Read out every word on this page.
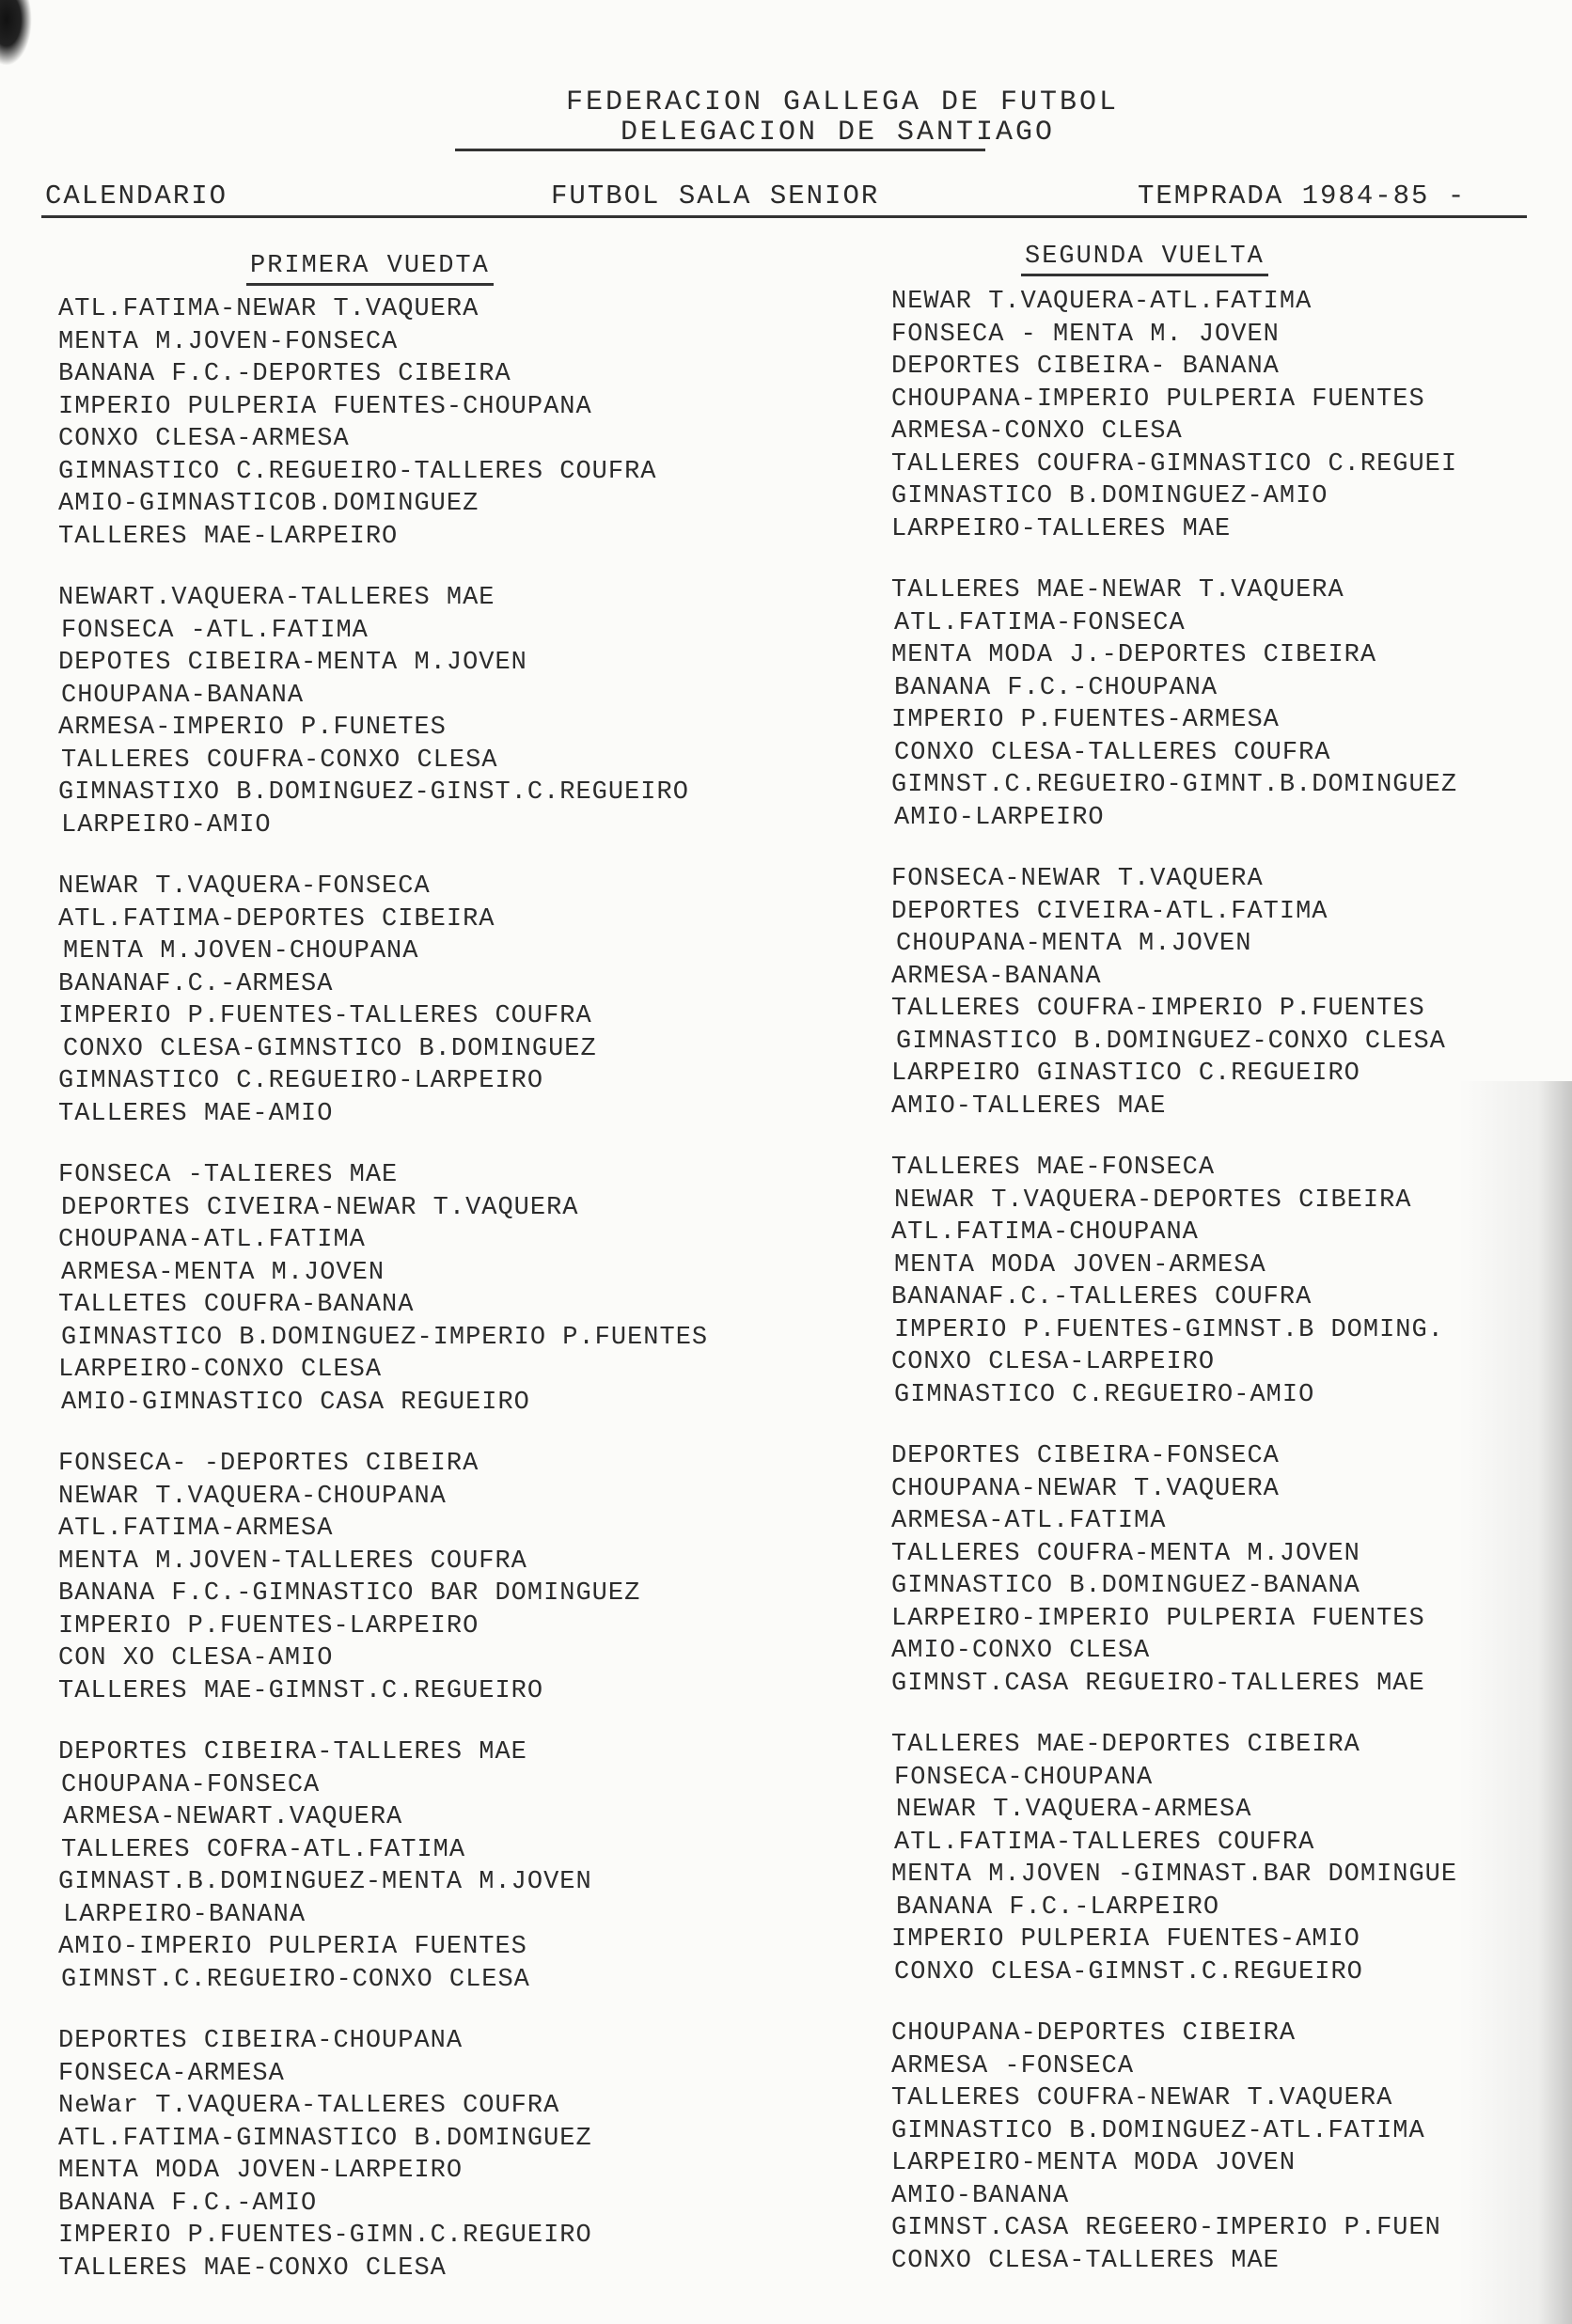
FEDERACION GALLEGA DE FUTBOL
DELEGACION DE SANTIAGO
CALENDARIO	FUTBOL SALA SENIOR	TEMPRADA 1984-85 -
PRIMERA VUEDTA	SEGUNDA VUELTA
ATL.FATIMA-NEWAR T.VAQUERA
MENTA M.JOVEN-FONSECA
BANANA F.C.-DEPORTES CIBEIRA
IMPERIO PULPERIA FUENTES-CHOUPANA
CONXO CLESA-ARMESA
GIMNASTICO C.REGUEIRO-TALLERES COUFRA
AMIO-GIMNASTICOB.DOMINGUEZ
TALLERES MAE-LARPEIRO
NEWART.VAQUERA-TALLERES MAE
FONSECA -ATL.FATIMA
DEPOTES CIBEIRA-MENTA M.JOVEN
CHOUPANA-BANANA
ARMESA-IMPERIO P.FUNETES
TALLERES COUFRA-CONXO CLESA
GIMNASTIXO B.DOMINGUEZ-GINST.C.REGUEIRO
LARPEIRO-AMIO
NEWAR T.VAQUERA-FONSECA
ATL.FATIMA-DEPORTES CIBEIRA
MENTA M.JOVEN-CHOUPANA
BANANAF.C.-ARMESA
IMPERIO P.FUENTES-TALLERES COUFRA
CONXO CLESA-GIMNSTICO B.DOMINGUEZ
GIMNASTICO C.REGUEIRO-LARPEIRO
TALLERES MAE-AMIO
FONSECA -TALIERES MAE
DEPORTES CIVEIRA-NEWAR T.VAQUERA
CHOUPANA-ATL.FATIMA
ARMESA-MENTA M.JOVEN
TALLETES COUFRA-BANANA
GIMNASTICO B.DOMINGUEZ-IMPERIO P.FUENTES
LARPEIRO-CONXO CLESA
AMIO-GIMNASTICO CASA REGUEIRO
FONSECA- -DEPORTES CIBEIRA
NEWAR T.VAQUERA-CHOUPANA
ATL.FATIMA-ARMESA
MENTA M.JOVEN-TALLERES COUFRA
BANANA F.C.-GIMNASTICO BAR DOMINGUEZ
IMPERIO P.FUENTES-LARPEIRO
CON XO CLESA-AMIO
TALLERES MAE-GIMNST.C.REGUEIRO
DEPORTES CIBEIRA-TALLERES MAE
CHOUPANA-FONSECA
ARMESA-NEWART.VAQUERA
TALLERES COFRA-ATL.FATIMA
GIMNAST.B.DOMINGUEZ-MENTA M.JOVEN
LARPEIRO-BANANA
AMIO-IMPERIO PULPERIA FUENTES
GIMNST.C.REGUEIRO-CONXO CLESA
DEPORTES CIBEIRA-CHOUPANA
FONSECA-ARMESA
NeWar T.VAQUERA-TALLERES COUFRA
ATL.FATIMA-GIMNASTICO B.DOMINGUEZ
MENTA MODA JOVEN-LARPEIRO
BANANA F.C.-AMIO
IMPERIO P.FUENTES-GIMN.C.REGUEIRO
TALLERES MAE-CONXO CLESA
NEWAR T.VAQUERA-ATL.FATIMA
FONSECA - MENTA M. JOVEN
DEPORTES CIBEIRA- BANANA
CHOUPANA-IMPERIO PULPERIA FUENTES
ARMESA-CONXO CLESA
TALLERES COUFRA-GIMNASTICO C.REGUEI
GIMNASTICO B.DOMINGUEZ-AMIO
LARPEIRO-TALLERES MAE
TALLERES MAE-NEWAR T.VAQUERA
ATL.FATIMA-FONSECA
MENTA MODA J.-DEPORTES CIBEIRA
BANANA F.C.-CHOUPANA
IMPERIO P.FUENTES-ARMESA
CONXO CLESA-TALLERES COUFRA
GIMNST.C.REGUEIRO-GIMNT.B.DOMINGUEZ
AMIO-LARPEIRO
FONSECA-NEWAR T.VAQUERA
DEPORTES CIVEIRA-ATL.FATIMA
CHOUPANA-MENTA M.JOVEN
ARMESA-BANANA
TALLERES COUFRA-IMPERIO P.FUENTES
GIMNASTICO B.DOMINGUEZ-CONXO CLESA
LARPEIRO GINASTICO C.REGUEIRO
AMIO-TALLERES MAE
TALLERES MAE-FONSECA
NEWAR T.VAQUERA-DEPORTES CIBEIRA
ATL.FATIMA-CHOUPANA
MENTA MODA JOVEN-ARMESA
BANANAF.C.-TALLERES COUFRA
IMPERIO P.FUENTES-GIMNST.B DOMING.
CONXO CLESA-LARPEIRO
GIMNASTICO C.REGUEIRO-AMIO
DEPORTES CIBEIRA-FONSECA
CHOUPANA-NEWAR T.VAQUERA
ARMESA-ATL.FATIMA
TALLERES COUFRA-MENTA M.JOVEN
GIMNASTICO B.DOMINGUEZ-BANANA
LARPEIRO-IMPERIO PULPERIA FUENTES
AMIO-CONXO CLESA
GIMNST.CASA REGUEIRO-TALLERES MAE
TALLERES MAE-DEPORTES CIBEIRA
FONSECA-CHOUPANA
NEWAR T.VAQUERA-ARMESA
ATL.FATIMA-TALLERES COUFRA
MENTA M.JOVEN -GIMNAST.BAR DOMINGUE
BANANA F.C.-LARPEIRO
IMPERIO PULPERIA FUENTES-AMIO
CONXO CLESA-GIMNST.C.REGUEIRO
CHOUPANA-DEPORTES CIBEIRA
ARMESA -FONSECA
TALLERES COUFRA-NEWAR T.VAQUERA
GIMNASTICO B.DOMINGUEZ-ATL.FATIMA
LARPEIRO-MENTA MODA JOVEN
AMIO-BANANA
GIMNST.CASA REGEERO-IMPERIO P.FUEN
CONXO CLESA-TALLERES MAE
